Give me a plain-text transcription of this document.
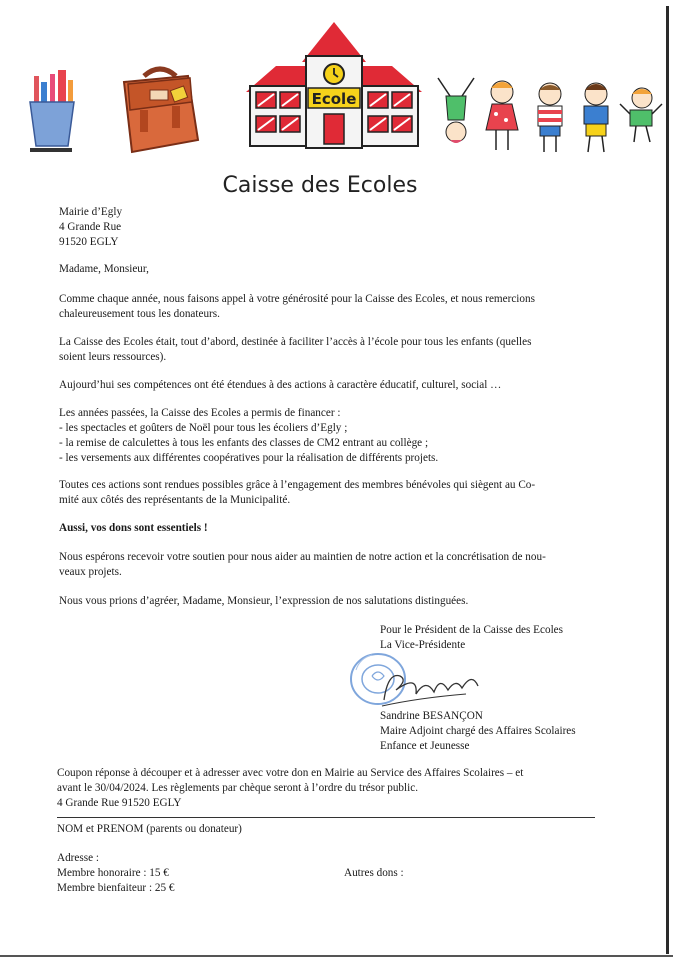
Ecole
Caisse des Ecoles
Mairie d’Egly
4 Grande Rue
91520 EGLY
Madame, Monsieur,
Comme chaque année, nous faisons appel à votre générosité pour la Caisse des Ecoles, et nous remercions
chaleureusement tous les donateurs.
La Caisse des Ecoles était, tout d’abord, destinée à faciliter l’accès à l’école pour tous les enfants (quelles
soient leurs ressources).
Aujourd’hui ses compétences ont été étendues à des actions à caractère éducatif, culturel, social …
Les années passées, la Caisse des Ecoles a permis de financer :
- les spectacles et goûters de Noël pour tous les écoliers d’Egly ;
- la remise de calculettes à tous les enfants des classes de CM2 entrant au collège ;
- les versements aux différentes coopératives pour la réalisation de différents projets.
Toutes ces actions sont rendues possibles grâce à l’engagement des membres bénévoles qui siègent au Co-
mité aux côtés des représentants de la Municipalité.
Aussi, vos dons sont essentiels !
Nous espérons recevoir votre soutien pour nous aider au maintien de notre action et la concrétisation de nou-
veaux projets.
Nous vous prions d’agréer, Madame, Monsieur, l’expression de nos salutations distinguées.
Pour le Président de la Caisse des Ecoles
La Vice-Présidente
Sandrine BESANÇON
Maire Adjoint chargé des Affaires Scolaires
Enfance et Jeunesse
Coupon réponse à découper et à adresser avec votre don en Mairie au Service des Affaires Scolaires – et
avant le 30/04/2024. Les règlements par chèque seront à l’ordre du trésor public.
4 Grande Rue 91520 EGLY
NOM et PRENOM (parents ou donateur)
Adresse :
Membre honoraire : 15 €
Membre bienfaiteur : 25 €
Autres dons :
